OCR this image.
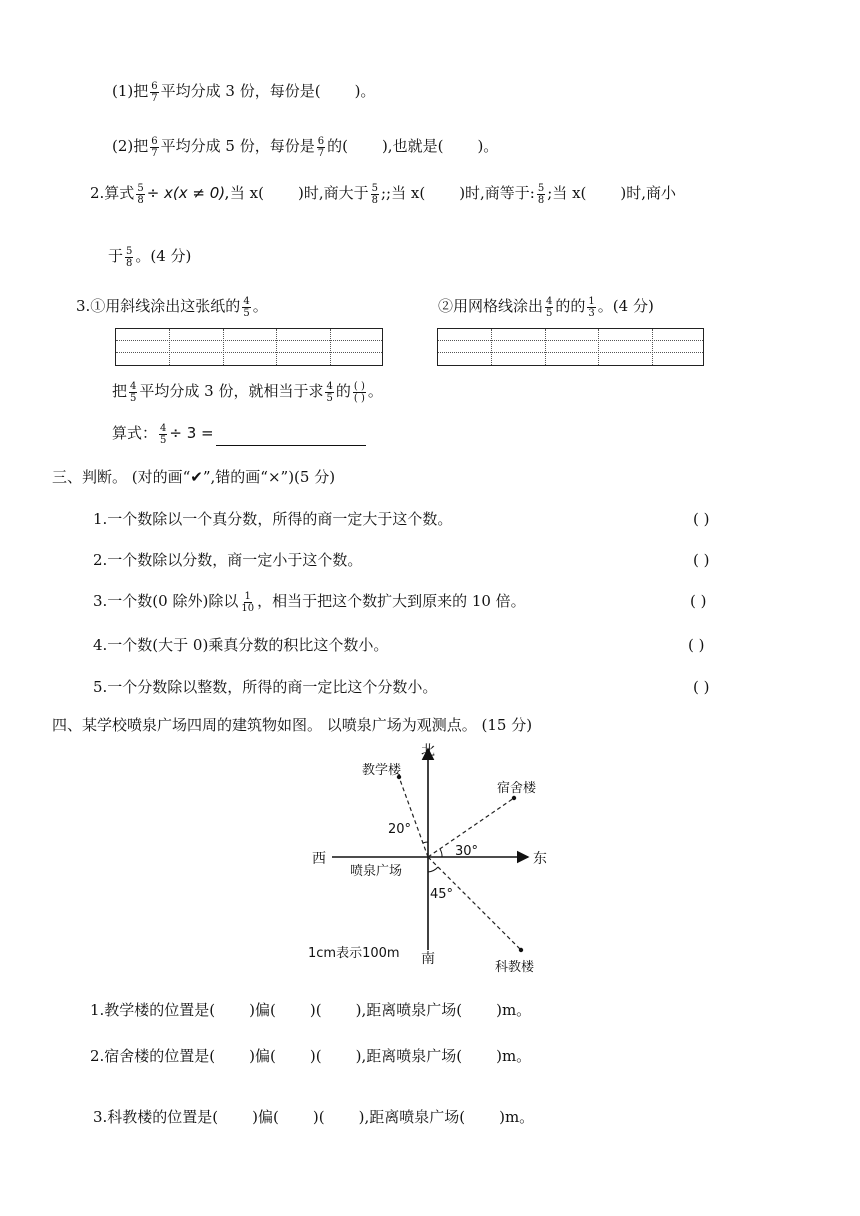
(1)把 $\frac{6}{7}$ 平均分成 3 份，每份是( )。
(2)把 $\frac{6}{7}$ 平均分成 5 份，每份是 $\frac{6}{7}$ 的( ),也就是( )。
2.算式 $\frac{5}{8} \div x(x \ne 0)$,当 x( )时,商大于 $\frac{5}{8}$ ;;当 x( )时,商等于: $\frac{5}{8}$ ;当 x( )时,商小
于 $\frac{5}{8}$ 。(4 分)
3.①用斜线涂出这张纸的 $\frac{4}{5}$ 。	②用网格线涂出 $\frac{4}{5}$ 的的 $\frac{1}{3}$ 。(4 分)
把 $\frac{4}{5}$ 平均分成 3 份，就相当于求 $\frac{4}{5}$ 的 $\frac{( )}{( )}$ 。
算式： $\frac{4}{5} \div 3$ =
三、判断。 (对的画“✔”,错的画“×”)(5 分)
1.一个数除以一个真分数，所得的商一定大于这个数。	( )
2.一个数除以分数，商一定小于这个数。	( )
3.一个数(0 除外)除以 $\frac{1}{10}$ ，相当于把这个数扩大到原来的 10 倍。	( )
4.一个数(大于 0)乘真分数的积比这个数小。	( )
5.一个分数除以整数，所得的商一定比这个分数小。	( )
四、某学校喷泉广场四周的建筑物如图。 以喷泉广场为观测点。 (15 分)
北
南
东
西
喷泉广场
1cm表示100m
教学楼
宿舍楼
科教楼
20°
30°
45°
1.教学楼的位置是( )偏( )( ),距离喷泉广场( )m。
2.宿舍楼的位置是( )偏( )( ),距离喷泉广场( )m。
3.科教楼的位置是( )偏( )( ),距离喷泉广场( )m。
